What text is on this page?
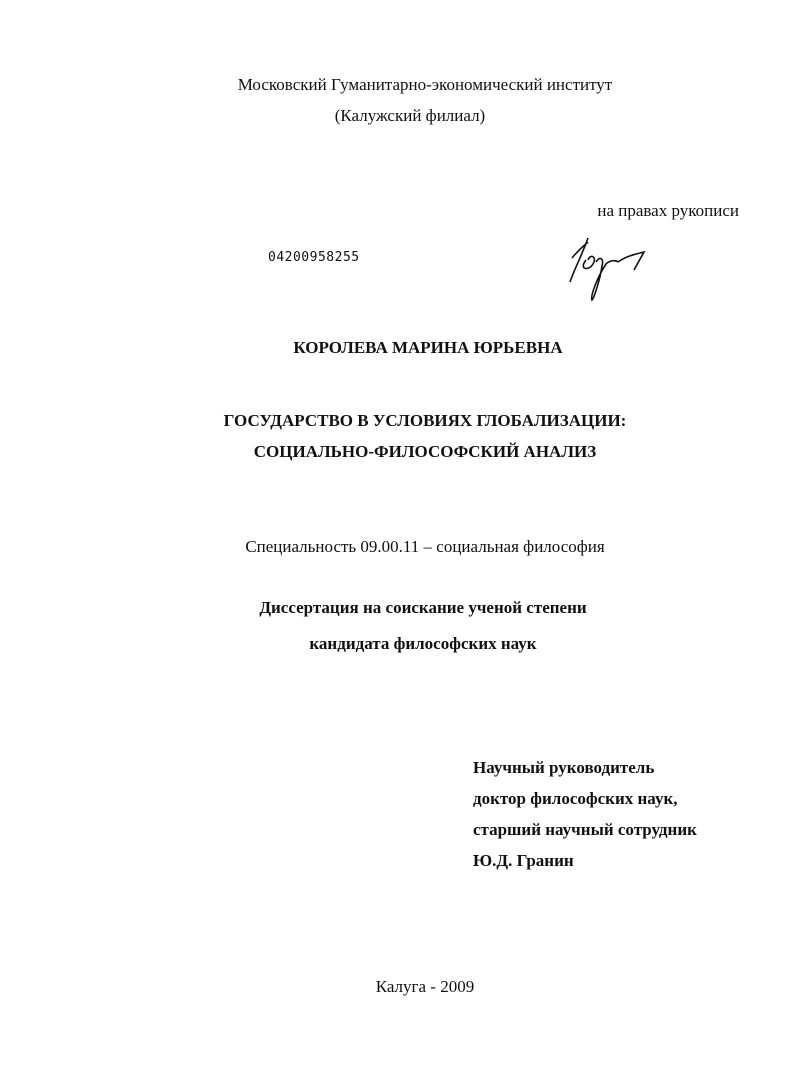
Московский Гуманитарно-экономический институт
(Калужский филиал)
на правах рукописи
04200958255
КОРОЛЕВА МАРИНА ЮРЬЕВНА
ГОСУДАРСТВО В УСЛОВИЯХ ГЛОБАЛИЗАЦИИ:
СОЦИАЛЬНО-ФИЛОСОФСКИЙ АНАЛИЗ
Специальность 09.00.11 – социальная философия
Диссертация на соискание ученой степени
кандидата философских наук
Научный руководитель
доктор философских наук,
старший научный сотрудник
Ю.Д. Гранин
Калуга - 2009
